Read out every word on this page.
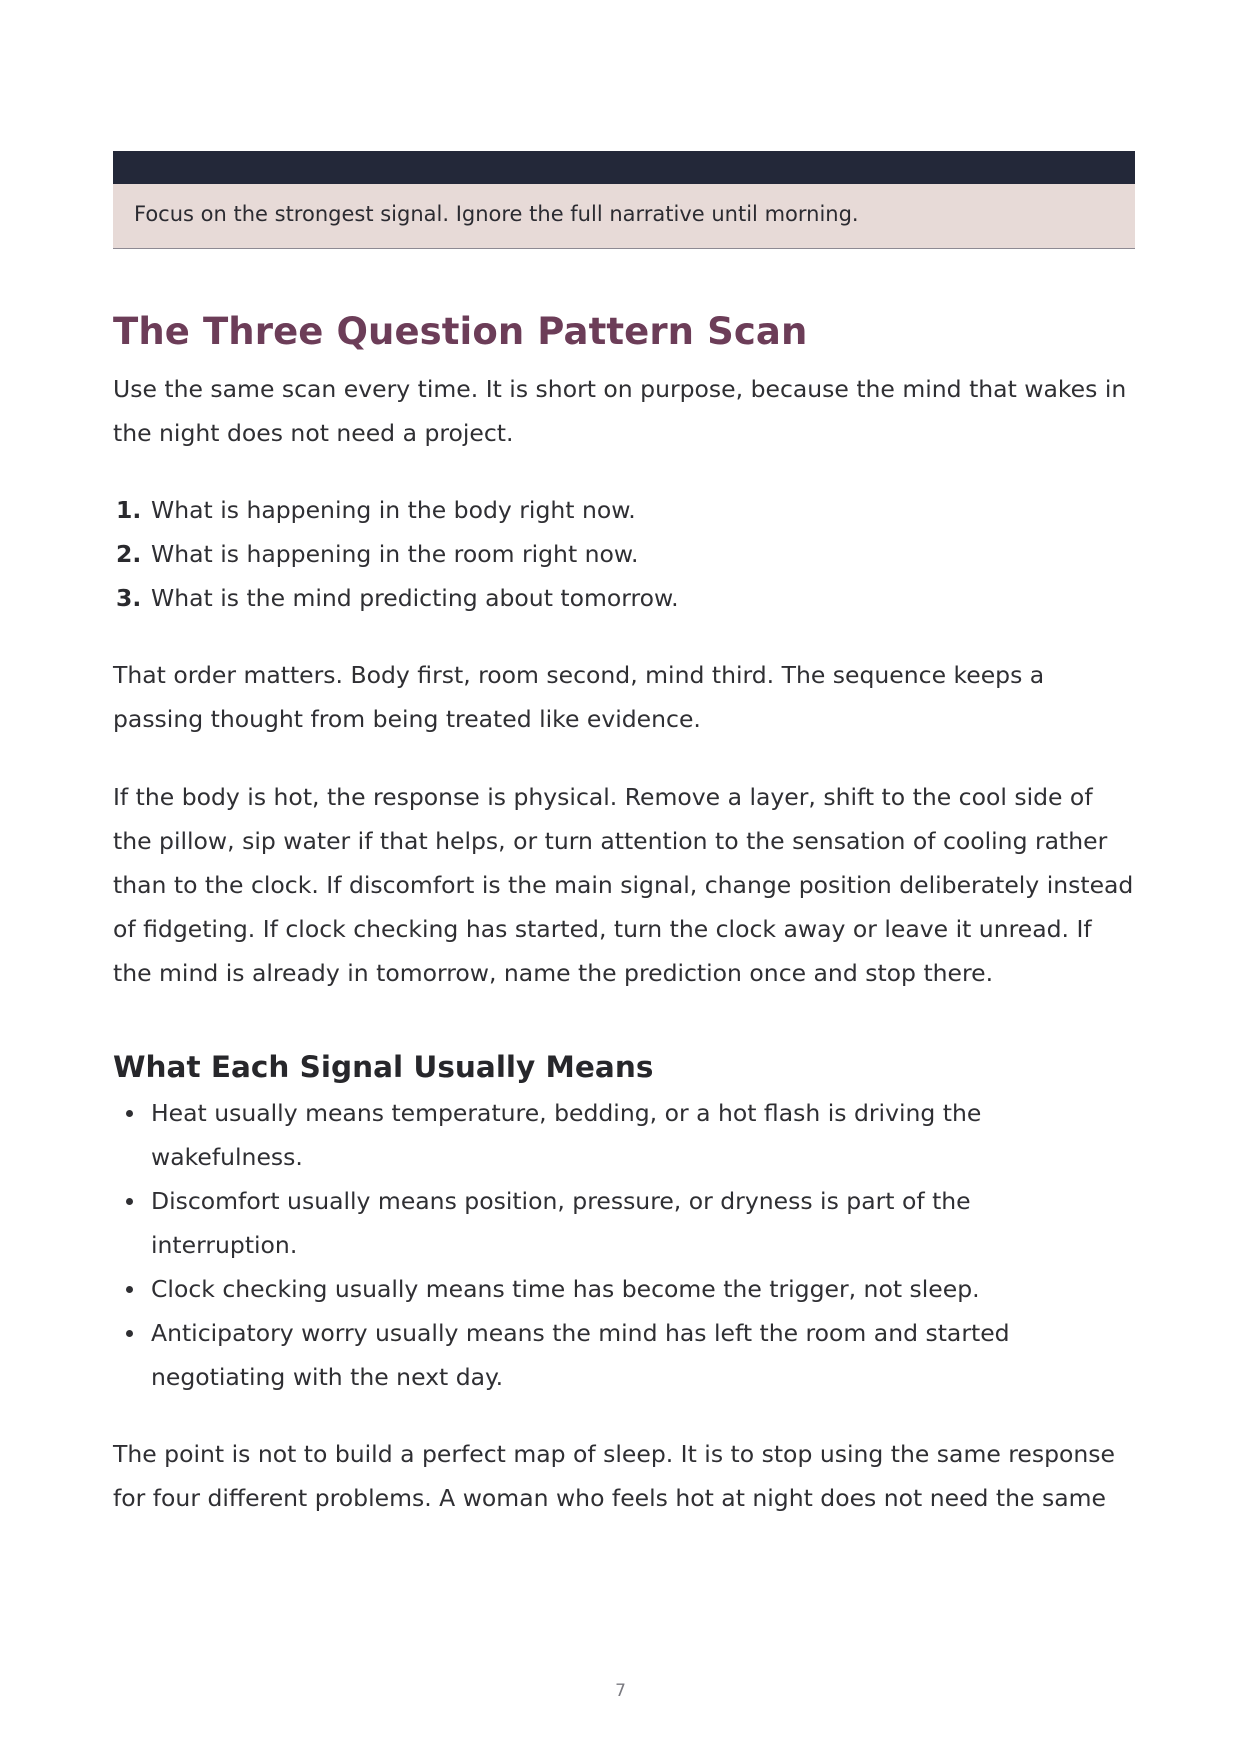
Focus on the strongest signal. Ignore the full narrative until morning.
The Three Question Pattern Scan

Use the same scan every time. It is short on purpose, because the mind that wakes in the night does not need a project.

1. What is happening in the body right now.
2. What is happening in the room right now.
3. What is the mind predicting about tomorrow.

That order matters. Body first, room second, mind third. The sequence keeps a passing thought from being treated like evidence.

If the body is hot, the response is physical. Remove a layer, shift to the cool side of the pillow, sip water if that helps, or turn attention to the sensation of cooling rather than to the clock. If discomfort is the main signal, change position deliberately instead of fidgeting. If clock checking has started, turn the clock away or leave it unread. If the mind is already in tomorrow, name the prediction once and stop there.

What Each Signal Usually Means
Heat usually means temperature, bedding, or a hot flash is driving the wakefulness.
Discomfort usually means position, pressure, or dryness is part of the interruption.
Clock checking usually means time has become the trigger, not sleep.
Anticipatory worry usually means the mind has left the room and started negotiating with the next day.

The point is not to build a perfect map of sleep. It is to stop using the same response for four different problems. A woman who feels hot at night does not need the same

7
